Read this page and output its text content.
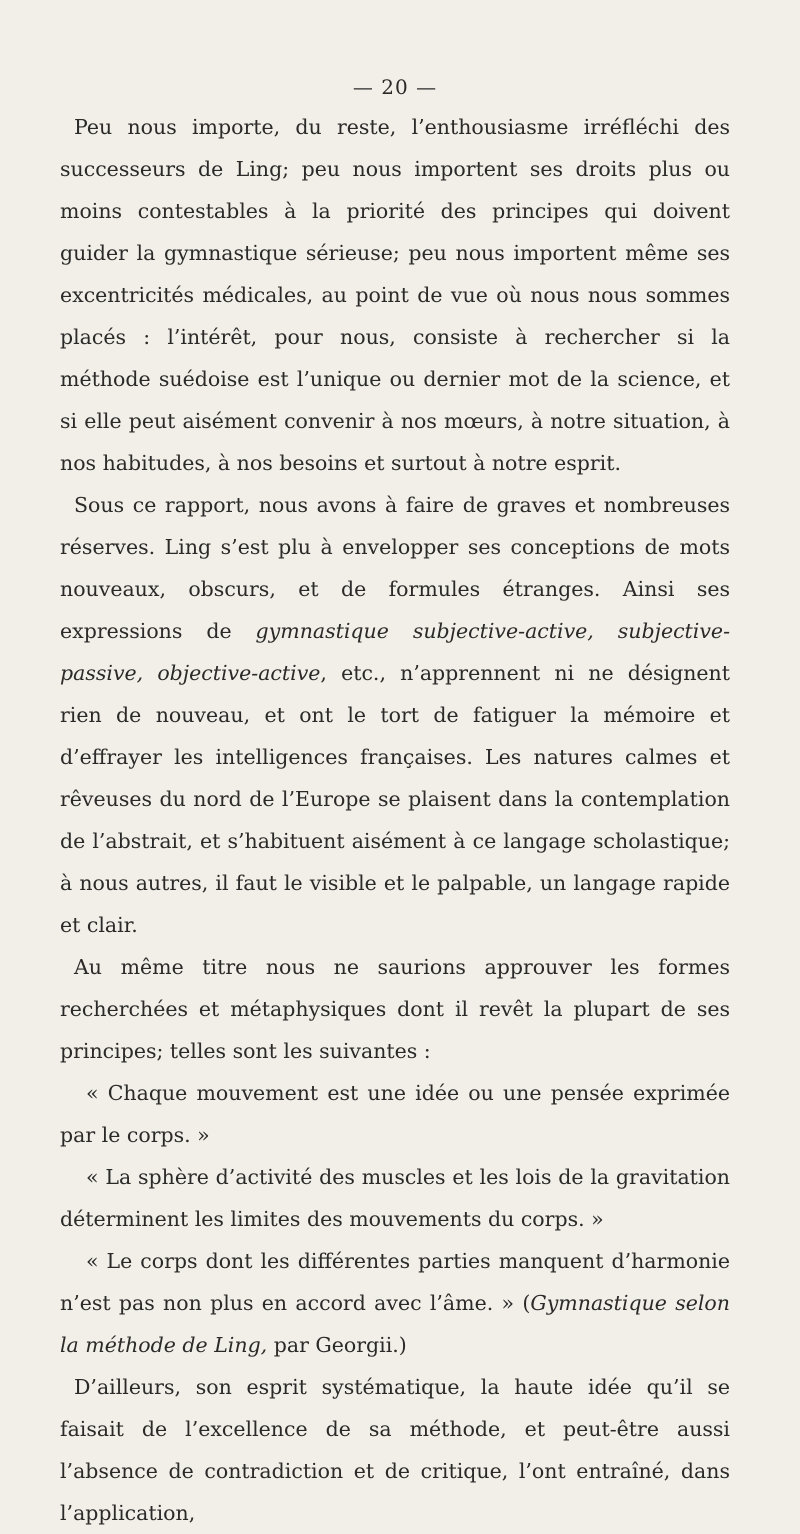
— 20 —

Peu nous importe, du reste, l’enthousiasme irréfléchi des successeurs de Ling; peu nous importent ses droits plus ou moins contestables à la priorité des principes qui doivent guider la gymnastique sérieuse; peu nous importent même ses excentricités médicales, au point de vue où nous nous sommes placés : l’intérêt, pour nous, consiste à rechercher si la méthode suédoise est l’unique ou dernier mot de la science, et si elle peut aisément convenir à nos mœurs, à notre situation, à nos habitudes, à nos besoins et surtout à notre esprit.

Sous ce rapport, nous avons à faire de graves et nombreuses réserves. Ling s’est plu à envelopper ses conceptions de mots nouveaux, obscurs, et de formules étranges. Ainsi ses expressions de gymnastique subjective-active, subjective-passive, objective-active, etc., n’apprennent ni ne désignent rien de nouveau, et ont le tort de fatiguer la mémoire et d’effrayer les intelligences françaises. Les natures calmes et rêveuses du nord de l’Europe se plaisent dans la contemplation de l’abstrait, et s’habituent aisément à ce langage scholastique; à nous autres, il faut le visible et le palpable, un langage rapide et clair.

Au même titre nous ne saurions approuver les formes recherchées et métaphysiques dont il revêt la plupart de ses principes; telles sont les suivantes :

« Chaque mouvement est une idée ou une pensée exprimée par le corps. »

« La sphère d’activité des muscles et les lois de la gravitation déterminent les limites des mouvements du corps. »

« Le corps dont les différentes parties manquent d’harmonie n’est pas non plus en accord avec l’âme. » (Gymnastique selon la méthode de Ling, par Georgii.)

D’ailleurs, son esprit systématique, la haute idée qu’il se faisait de l’excellence de sa méthode, et peut-être aussi l’absence de contradiction et de critique, l’ont entraîné, dans l’application,
